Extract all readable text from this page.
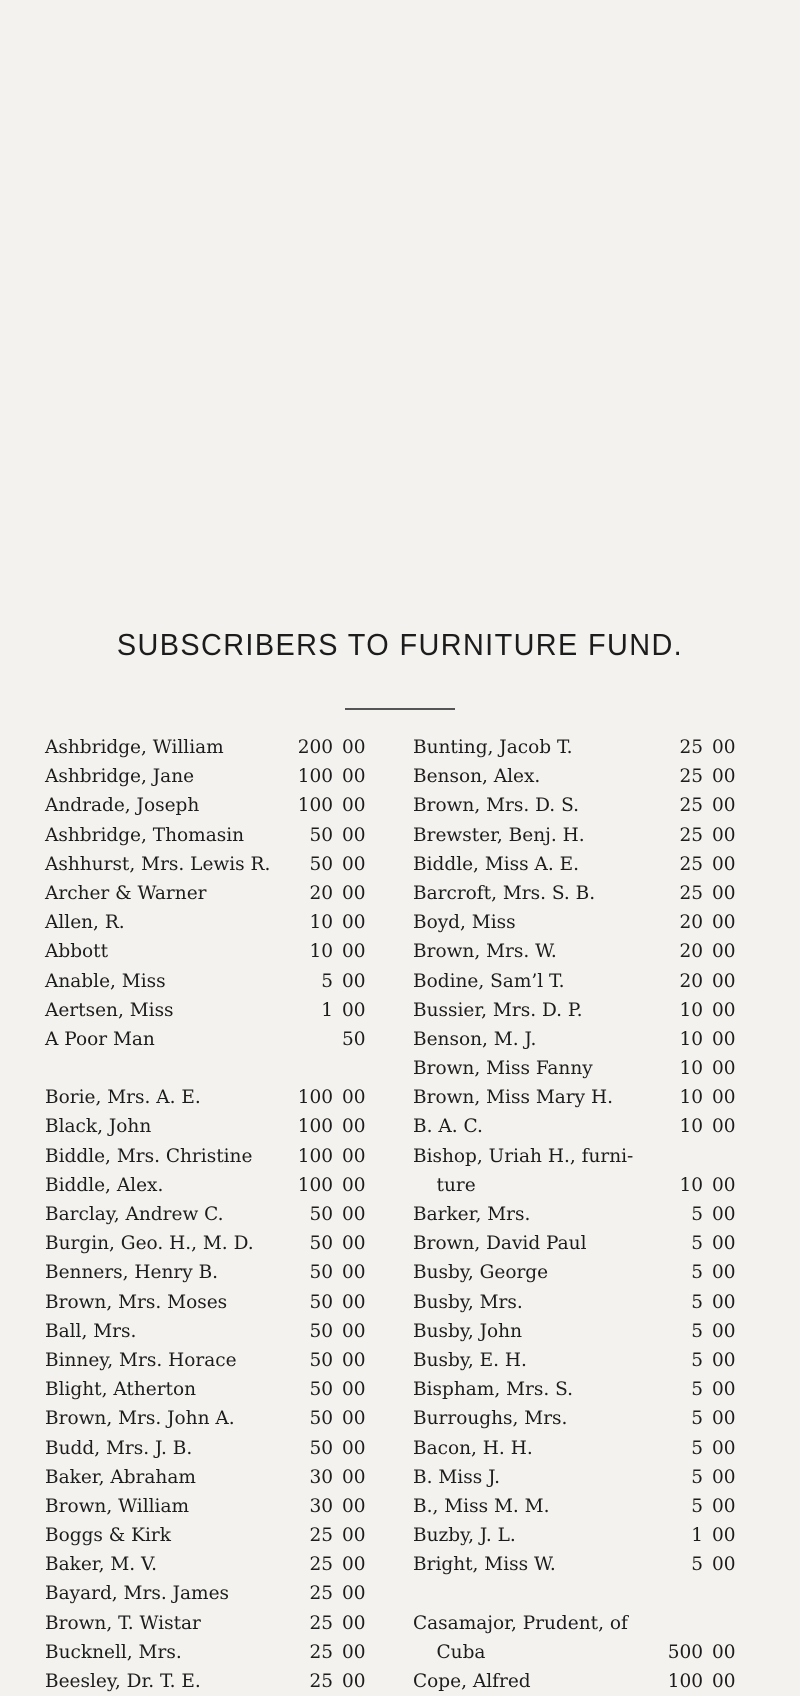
SUBSCRIBERS TO FURNITURE FUND.
Ashbridge, William	200 00
Ashbridge, Jane	100 00
Andrade, Joseph	100 00
Ashbridge, Thomasin	50 00
Ashhurst, Mrs. Lewis R.	50 00
Archer & Warner	20 00
Allen, R.	10 00
Abbott	10 00
Anable, Miss	5 00
Aertsen, Miss	1 00
A Poor Man	50
Borie, Mrs. A. E.	100 00
Black, John	100 00
Biddle, Mrs. Christine	100 00
Biddle, Alex.	100 00
Barclay, Andrew C.	50 00
Burgin, Geo. H., M. D.	50 00
Benners, Henry B.	50 00
Brown, Mrs. Moses	50 00
Ball, Mrs.	50 00
Binney, Mrs. Horace	50 00
Blight, Atherton	50 00
Brown, Mrs. John A.	50 00
Budd, Mrs. J. B.	50 00
Baker, Abraham	30 00
Brown, William	30 00
Boggs & Kirk	25 00
Baker, M. V.	25 00
Bayard, Mrs. James	25 00
Brown, T. Wistar	25 00
Bucknell, Mrs.	25 00
Beesley, Dr. T. E.	25 00
Bunting, Jacob T.	25 00
Benson, Alex.	25 00
Brown, Mrs. D. S.	25 00
Brewster, Benj. H.	25 00
Biddle, Miss A. E.	25 00
Barcroft, Mrs. S. B.	25 00
Boyd, Miss	20 00
Brown, Mrs. W.	20 00
Bodine, Sam’l T.	20 00
Bussier, Mrs. D. P.	10 00
Benson, M. J.	10 00
Brown, Miss Fanny	10 00
Brown, Miss Mary H.	10 00
B. A. C.	10 00
Bishop, Uriah H., furni-
ture	10 00
Barker, Mrs.	5 00
Brown, David Paul	5 00
Busby, George	5 00
Busby, Mrs.	5 00
Busby, John	5 00
Busby, E. H.	5 00
Bispham, Mrs. S.	5 00
Burroughs, Mrs.	5 00
Bacon, H. H.	5 00
B. Miss J.	5 00
B., Miss M. M.	5 00
Buzby, J. L.	1 00
Bright, Miss W.	5 00
Casamajor, Prudent, of
Cuba	500 00
Cope, Alfred	100 00
